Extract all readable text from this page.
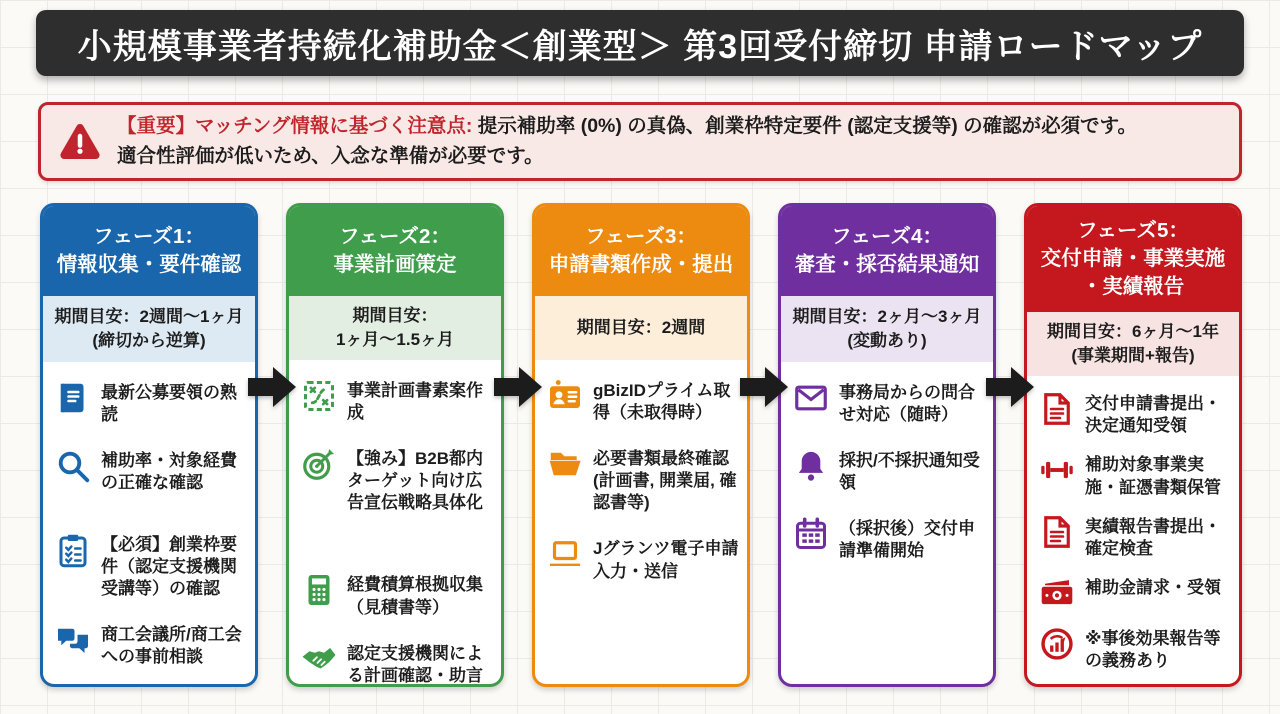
小規模事業者持続化補助金＜創業型＞ 第3回受付締切 申請ロードマップ

【重要】マッチング情報に基づく注意点: 提示補助率 (0%) の真偽、創業枠特定要件 (認定支援等) の確認が必須です。
適合性評価が低いため、入念な準備が必要です。

フェーズ1：
情報収集・要件確認
期間目安：2週間〜1ヶ月
(締切から逆算)
最新公募要領の熟読
補助率・対象経費の正確な確認
【必須】創業枠要件（認定支援機関受講等）の確認
商工会議所/商工会への事前相談
フェーズ2：
事業計画策定
期間目安：
1ヶ月〜1.5ヶ月
事業計画書素案作成
【強み】B2B都内ターゲット向け広告宣伝戦略具体化
経費積算根拠収集（見積書等）
認定支援機関による計画確認・助言
フェーズ3：
申請書類作成・提出
期間目安：2週間
gBizIDプライム取得（未取得時）
必要書類最終確認 (計画書, 開業届, 確認書等)
Jグランツ電子申請入力・送信
フェーズ4：
審査・採否結果通知
期間目安：2ヶ月〜3ヶ月
(変動あり)
事務局からの問合せ対応（随時）
採択/不採択通知受領
（採択後）交付申請準備開始
フェーズ5：
交付申請・事業実施
・実績報告
期間目安：6ヶ月〜1年
(事業期間+報告)
交付申請書提出・決定通知受領
補助対象事業実施・証憑書類保管
実績報告書提出・確定検査
補助金請求・受領
※事後効果報告等の義務あり
